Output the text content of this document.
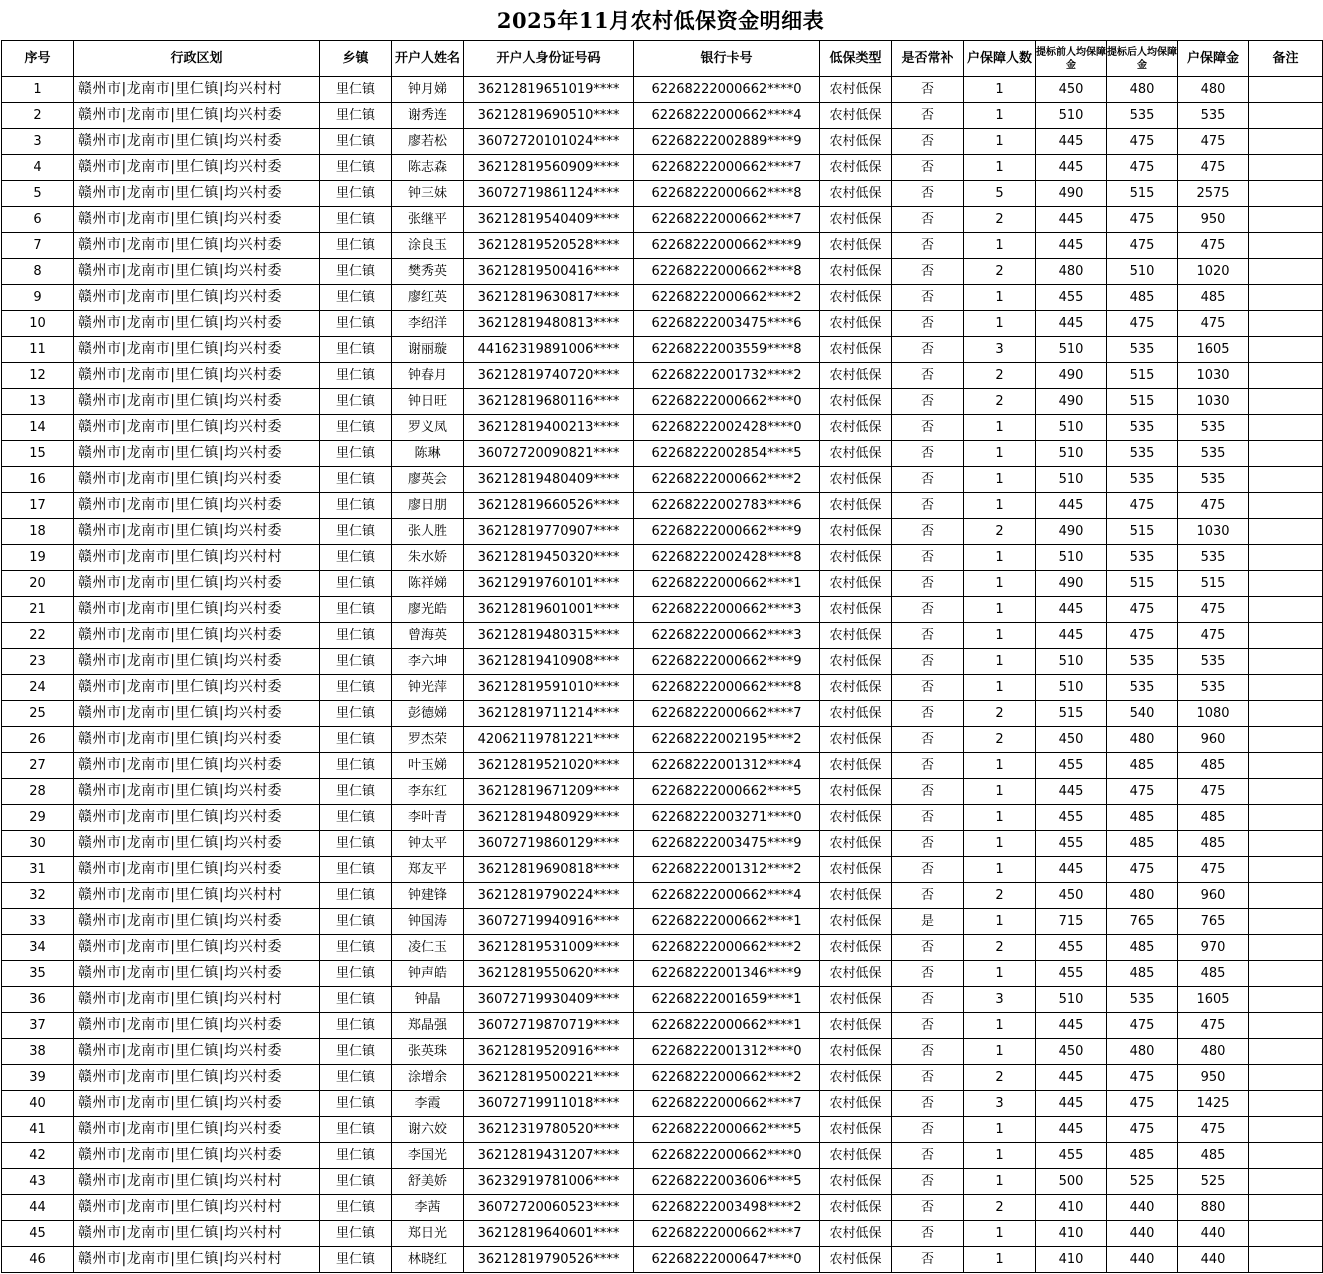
2025年11月农村低保资金明细表
序号	行政区划	乡镇	开户人姓名	开户人身份证号码	银行卡号	低保类型	是否常补	户保障人数	提标前人均保障金	提标后人均保障金	户保障金	备注
1	赣州市|龙南市|里仁镇|均兴村村	里仁镇	钟月娣	36212819651019****	62268222000662****0	农村低保	否	1	450	480	480	
2	赣州市|龙南市|里仁镇|均兴村委	里仁镇	谢秀连	36212819690510****	62268222000662****4	农村低保	否	1	510	535	535	
3	赣州市|龙南市|里仁镇|均兴村委	里仁镇	廖若松	36072720101024****	62268222002889****9	农村低保	否	1	445	475	475	
4	赣州市|龙南市|里仁镇|均兴村委	里仁镇	陈志森	36212819560909****	62268222000662****7	农村低保	否	1	445	475	475	
5	赣州市|龙南市|里仁镇|均兴村委	里仁镇	钟三妹	36072719861124****	62268222000662****8	农村低保	否	5	490	515	2575	
6	赣州市|龙南市|里仁镇|均兴村委	里仁镇	张继平	36212819540409****	62268222000662****7	农村低保	否	2	445	475	950	
7	赣州市|龙南市|里仁镇|均兴村委	里仁镇	涂良玉	36212819520528****	62268222000662****9	农村低保	否	1	445	475	475	
8	赣州市|龙南市|里仁镇|均兴村委	里仁镇	樊秀英	36212819500416****	62268222000662****8	农村低保	否	2	480	510	1020	
9	赣州市|龙南市|里仁镇|均兴村委	里仁镇	廖红英	36212819630817****	62268222000662****2	农村低保	否	1	455	485	485	
10	赣州市|龙南市|里仁镇|均兴村委	里仁镇	李绍洋	36212819480813****	62268222003475****6	农村低保	否	1	445	475	475	
11	赣州市|龙南市|里仁镇|均兴村委	里仁镇	谢丽璇	44162319891006****	62268222003559****8	农村低保	否	3	510	535	1605	
12	赣州市|龙南市|里仁镇|均兴村委	里仁镇	钟春月	36212819740720****	62268222001732****2	农村低保	否	2	490	515	1030	
13	赣州市|龙南市|里仁镇|均兴村委	里仁镇	钟日旺	36212819680116****	62268222000662****0	农村低保	否	2	490	515	1030	
14	赣州市|龙南市|里仁镇|均兴村委	里仁镇	罗义凤	36212819400213****	62268222002428****0	农村低保	否	1	510	535	535	
15	赣州市|龙南市|里仁镇|均兴村委	里仁镇	陈琳	36072720090821****	62268222002854****5	农村低保	否	1	510	535	535	
16	赣州市|龙南市|里仁镇|均兴村委	里仁镇	廖英会	36212819480409****	62268222000662****2	农村低保	否	1	510	535	535	
17	赣州市|龙南市|里仁镇|均兴村委	里仁镇	廖日朋	36212819660526****	62268222002783****6	农村低保	否	1	445	475	475	
18	赣州市|龙南市|里仁镇|均兴村委	里仁镇	张人胜	36212819770907****	62268222000662****9	农村低保	否	2	490	515	1030	
19	赣州市|龙南市|里仁镇|均兴村村	里仁镇	朱水娇	36212819450320****	62268222002428****8	农村低保	否	1	510	535	535	
20	赣州市|龙南市|里仁镇|均兴村委	里仁镇	陈祥娣	36212919760101****	62268222000662****1	农村低保	否	1	490	515	515	
21	赣州市|龙南市|里仁镇|均兴村委	里仁镇	廖光皓	36212819601001****	62268222000662****3	农村低保	否	1	445	475	475	
22	赣州市|龙南市|里仁镇|均兴村委	里仁镇	曾海英	36212819480315****	62268222000662****3	农村低保	否	1	445	475	475	
23	赣州市|龙南市|里仁镇|均兴村委	里仁镇	李六坤	36212819410908****	62268222000662****9	农村低保	否	1	510	535	535	
24	赣州市|龙南市|里仁镇|均兴村委	里仁镇	钟光萍	36212819591010****	62268222000662****8	农村低保	否	1	510	535	535	
25	赣州市|龙南市|里仁镇|均兴村委	里仁镇	彭德娣	36212819711214****	62268222000662****7	农村低保	否	2	515	540	1080	
26	赣州市|龙南市|里仁镇|均兴村委	里仁镇	罗杰荣	42062119781221****	62268222002195****2	农村低保	否	2	450	480	960	
27	赣州市|龙南市|里仁镇|均兴村委	里仁镇	叶玉娣	36212819521020****	62268222001312****4	农村低保	否	1	455	485	485	
28	赣州市|龙南市|里仁镇|均兴村委	里仁镇	李东红	36212819671209****	62268222000662****5	农村低保	否	1	445	475	475	
29	赣州市|龙南市|里仁镇|均兴村委	里仁镇	李叶青	36212819480929****	62268222003271****0	农村低保	否	1	455	485	485	
30	赣州市|龙南市|里仁镇|均兴村委	里仁镇	钟太平	36072719860129****	62268222003475****9	农村低保	否	1	455	485	485	
31	赣州市|龙南市|里仁镇|均兴村委	里仁镇	郑友平	36212819690818****	62268222001312****2	农村低保	否	1	445	475	475	
32	赣州市|龙南市|里仁镇|均兴村村	里仁镇	钟建锋	36212819790224****	62268222000662****4	农村低保	否	2	450	480	960	
33	赣州市|龙南市|里仁镇|均兴村委	里仁镇	钟国涛	36072719940916****	62268222000662****1	农村低保	是	1	715	765	765	
34	赣州市|龙南市|里仁镇|均兴村委	里仁镇	凌仁玉	36212819531009****	62268222000662****2	农村低保	否	2	455	485	970	
35	赣州市|龙南市|里仁镇|均兴村委	里仁镇	钟声皓	36212819550620****	62268222001346****9	农村低保	否	1	455	485	485	
36	赣州市|龙南市|里仁镇|均兴村村	里仁镇	钟晶	36072719930409****	62268222001659****1	农村低保	否	3	510	535	1605	
37	赣州市|龙南市|里仁镇|均兴村委	里仁镇	郑晶强	36072719870719****	62268222000662****1	农村低保	否	1	445	475	475	
38	赣州市|龙南市|里仁镇|均兴村委	里仁镇	张英珠	36212819520916****	62268222001312****0	农村低保	否	1	450	480	480	
39	赣州市|龙南市|里仁镇|均兴村委	里仁镇	涂增余	36212819500221****	62268222000662****2	农村低保	否	2	445	475	950	
40	赣州市|龙南市|里仁镇|均兴村委	里仁镇	李霞	36072719911018****	62268222000662****7	农村低保	否	3	445	475	1425	
41	赣州市|龙南市|里仁镇|均兴村委	里仁镇	谢六姣	36212319780520****	62268222000662****5	农村低保	否	1	445	475	475	
42	赣州市|龙南市|里仁镇|均兴村委	里仁镇	李国光	36212819431207****	62268222000662****0	农村低保	否	1	455	485	485	
43	赣州市|龙南市|里仁镇|均兴村村	里仁镇	舒美娇	36232919781006****	62268222003606****5	农村低保	否	1	500	525	525	
44	赣州市|龙南市|里仁镇|均兴村村	里仁镇	李茜	36072720060523****	62268222003498****2	农村低保	否	2	410	440	880	
45	赣州市|龙南市|里仁镇|均兴村村	里仁镇	郑日光	36212819640601****	62268222000662****7	农村低保	否	1	410	440	440	
46	赣州市|龙南市|里仁镇|均兴村村	里仁镇	林晓红	36212819790526****	62268222000647****0	农村低保	否	1	410	440	440	
